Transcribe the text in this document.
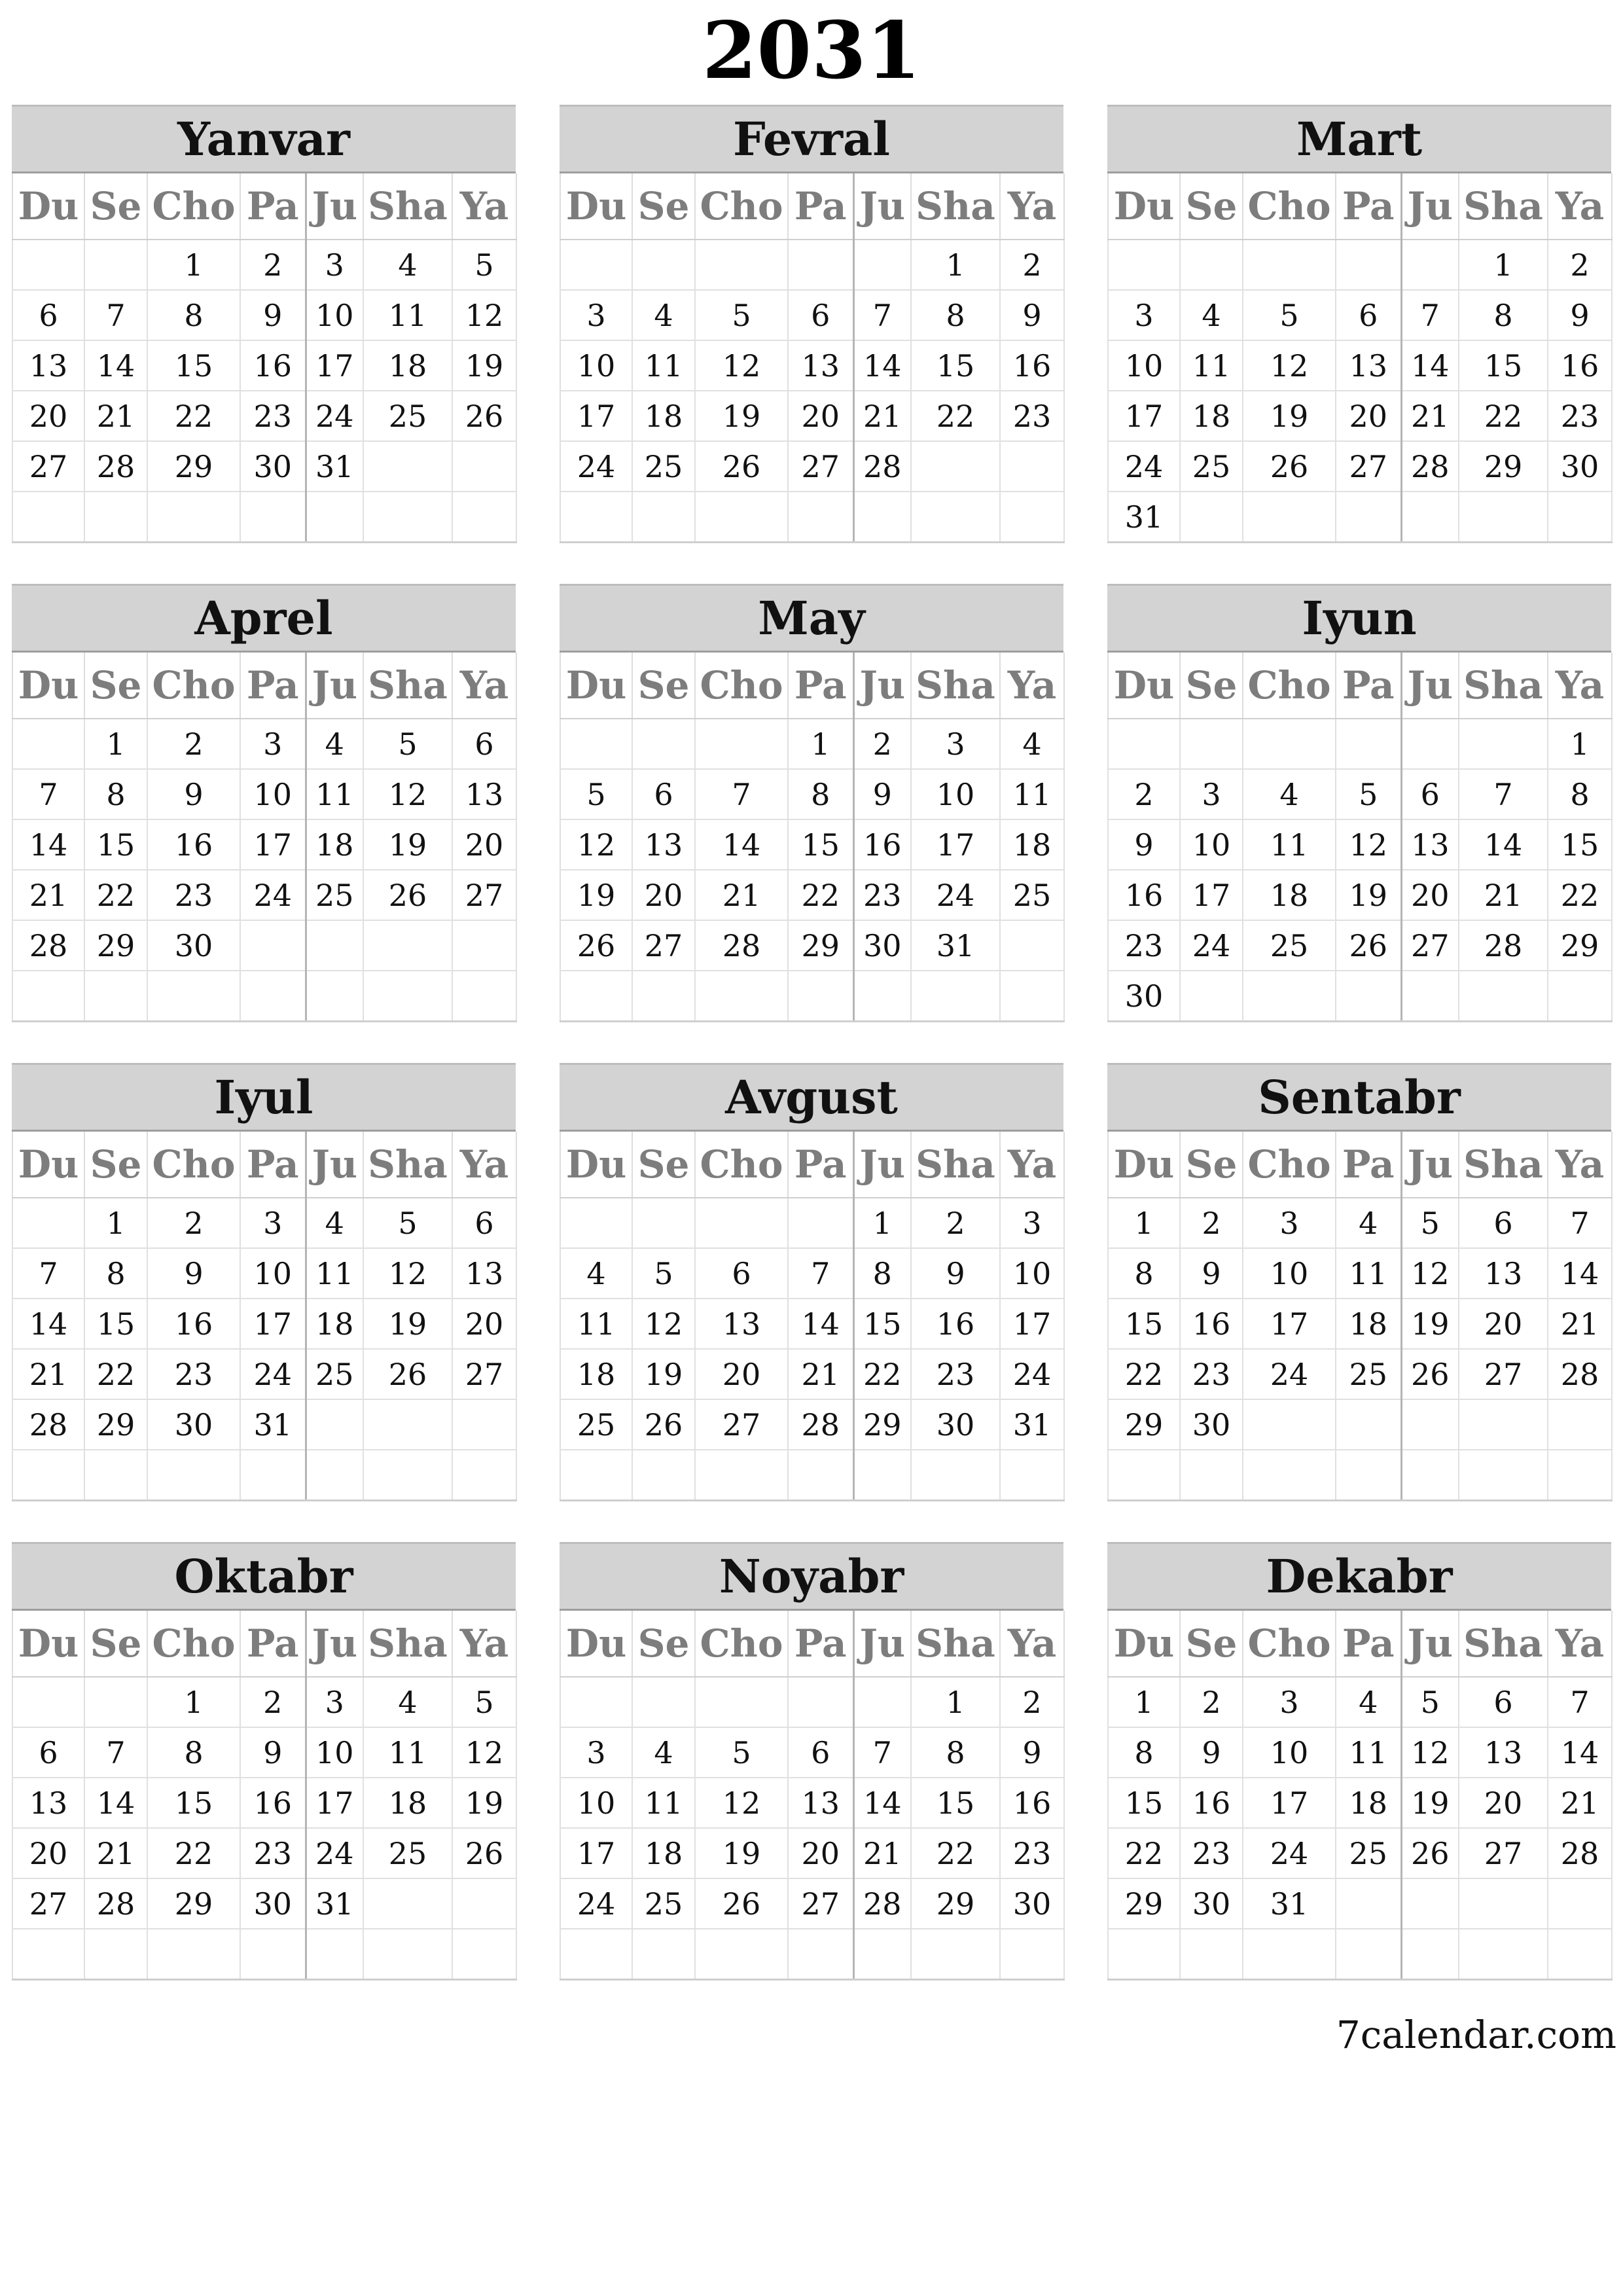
2031
Yanvar
Du	Se	Cho	Pa	Ju	Sha	Ya
		1	2	3	4	5
6	7	8	9	10	11	12
13	14	15	16	17	18	19
20	21	22	23	24	25	26
27	28	29	30	31		

Fevral
Du	Se	Cho	Pa	Ju	Sha	Ya
					1	2
3	4	5	6	7	8	9
10	11	12	13	14	15	16
17	18	19	20	21	22	23
24	25	26	27	28		

Mart
Du	Se	Cho	Pa	Ju	Sha	Ya
					1	2
3	4	5	6	7	8	9
10	11	12	13	14	15	16
17	18	19	20	21	22	23
24	25	26	27	28	29	30
31						
Aprel
Du	Se	Cho	Pa	Ju	Sha	Ya
	1	2	3	4	5	6
7	8	9	10	11	12	13
14	15	16	17	18	19	20
21	22	23	24	25	26	27
28	29	30				

May
Du	Se	Cho	Pa	Ju	Sha	Ya
			1	2	3	4
5	6	7	8	9	10	11
12	13	14	15	16	17	18
19	20	21	22	23	24	25
26	27	28	29	30	31	

Iyun
Du	Se	Cho	Pa	Ju	Sha	Ya
						1
2	3	4	5	6	7	8
9	10	11	12	13	14	15
16	17	18	19	20	21	22
23	24	25	26	27	28	29
30						
Iyul
Du	Se	Cho	Pa	Ju	Sha	Ya
	1	2	3	4	5	6
7	8	9	10	11	12	13
14	15	16	17	18	19	20
21	22	23	24	25	26	27
28	29	30	31			

Avgust
Du	Se	Cho	Pa	Ju	Sha	Ya
				1	2	3
4	5	6	7	8	9	10
11	12	13	14	15	16	17
18	19	20	21	22	23	24
25	26	27	28	29	30	31

Sentabr
Du	Se	Cho	Pa	Ju	Sha	Ya
1	2	3	4	5	6	7
8	9	10	11	12	13	14
15	16	17	18	19	20	21
22	23	24	25	26	27	28
29	30					

Oktabr
Du	Se	Cho	Pa	Ju	Sha	Ya
		1	2	3	4	5
6	7	8	9	10	11	12
13	14	15	16	17	18	19
20	21	22	23	24	25	26
27	28	29	30	31		

Noyabr
Du	Se	Cho	Pa	Ju	Sha	Ya
					1	2
3	4	5	6	7	8	9
10	11	12	13	14	15	16
17	18	19	20	21	22	23
24	25	26	27	28	29	30

Dekabr
Du	Se	Cho	Pa	Ju	Sha	Ya
1	2	3	4	5	6	7
8	9	10	11	12	13	14
15	16	17	18	19	20	21
22	23	24	25	26	27	28
29	30	31				

7calendar.com
